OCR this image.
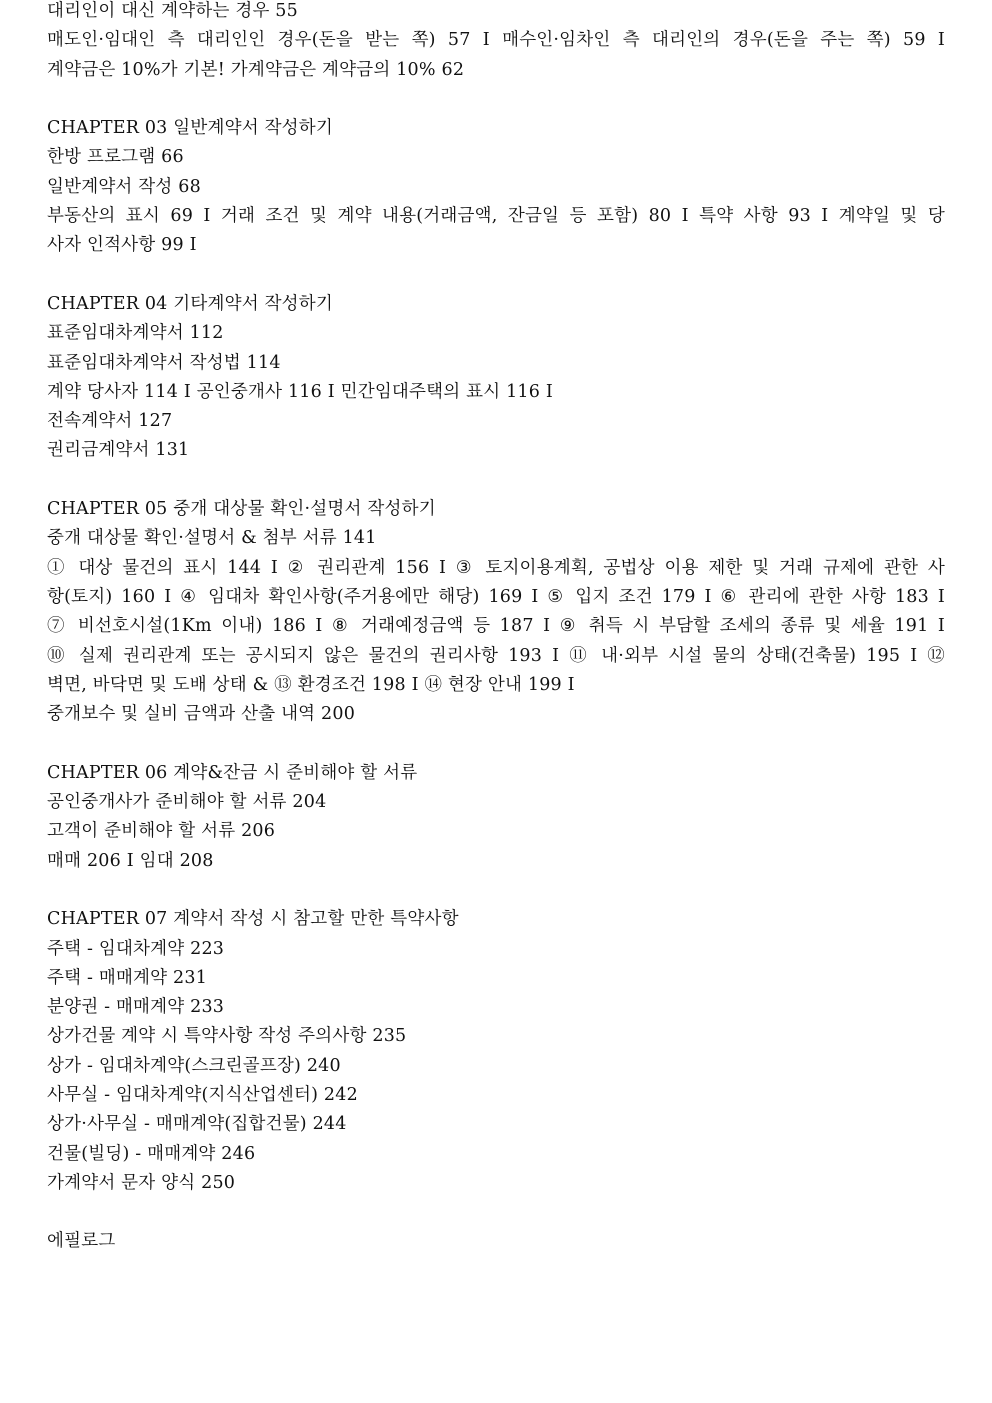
대리인이 대신 계약하는 경우 55
매도인·임대인 측 대리인인 경우(돈을 받는 쪽) 57 I 매수인·임차인 측 대리인의 경우(돈을 주는 쪽) 59 I
계약금은 10%가 기본! 가계약금은 계약금의 10% 62
CHAPTER 03 일반계약서 작성하기
한방 프로그램 66
일반계약서 작성 68
부동산의 표시 69 I 거래 조건 및 계약 내용(거래금액, 잔금일 등 포함) 80 I 특약 사항 93 I 계약일 및 당
사자 인적사항 99 I
CHAPTER 04 기타계약서 작성하기
표준임대차계약서 112
표준임대차계약서 작성법 114
계약 당사자 114 I 공인중개사 116 I 민간임대주택의 표시 116 I
전속계약서 127
권리금계약서 131
CHAPTER 05 중개 대상물 확인·설명서 작성하기
중개 대상물 확인·설명서 & 첨부 서류 141
① 대상 물건의 표시 144 I ② 권리관계 156 I ③ 토지이용계획, 공법상 이용 제한 및 거래 규제에 관한 사
항(토지) 160 I ④ 임대차 확인사항(주거용에만 해당) 169 I ⑤ 입지 조건 179 I ⑥ 관리에 관한 사항 183 I
⑦ 비선호시설(1Km 이내) 186 I ⑧ 거래예정금액 등 187 I ⑨ 취득 시 부담할 조세의 종류 및 세율 191 I
⑩ 실제 권리관계 또는 공시되지 않은 물건의 권리사항 193 I ⑪ 내·외부 시설 물의 상태(건축물) 195 I ⑫
벽면, 바닥면 및 도배 상태 & ⑬ 환경조건 198 I ⑭ 현장 안내 199 I
중개보수 및 실비 금액과 산출 내역 200
CHAPTER 06 계약&잔금 시 준비해야 할 서류
공인중개사가 준비해야 할 서류 204
고객이 준비해야 할 서류 206
매매 206 I 임대 208
CHAPTER 07 계약서 작성 시 참고할 만한 특약사항
주택 - 임대차계약 223
주택 - 매매계약 231
분양권 - 매매계약 233
상가건물 계약 시 특약사항 작성 주의사항 235
상가 - 임대차계약(스크린골프장) 240
사무실 - 임대차계약(지식산업센터) 242
상가·사무실 - 매매계약(집합건물) 244
건물(빌딩) - 매매계약 246
가계약서 문자 양식 250
에필로그
